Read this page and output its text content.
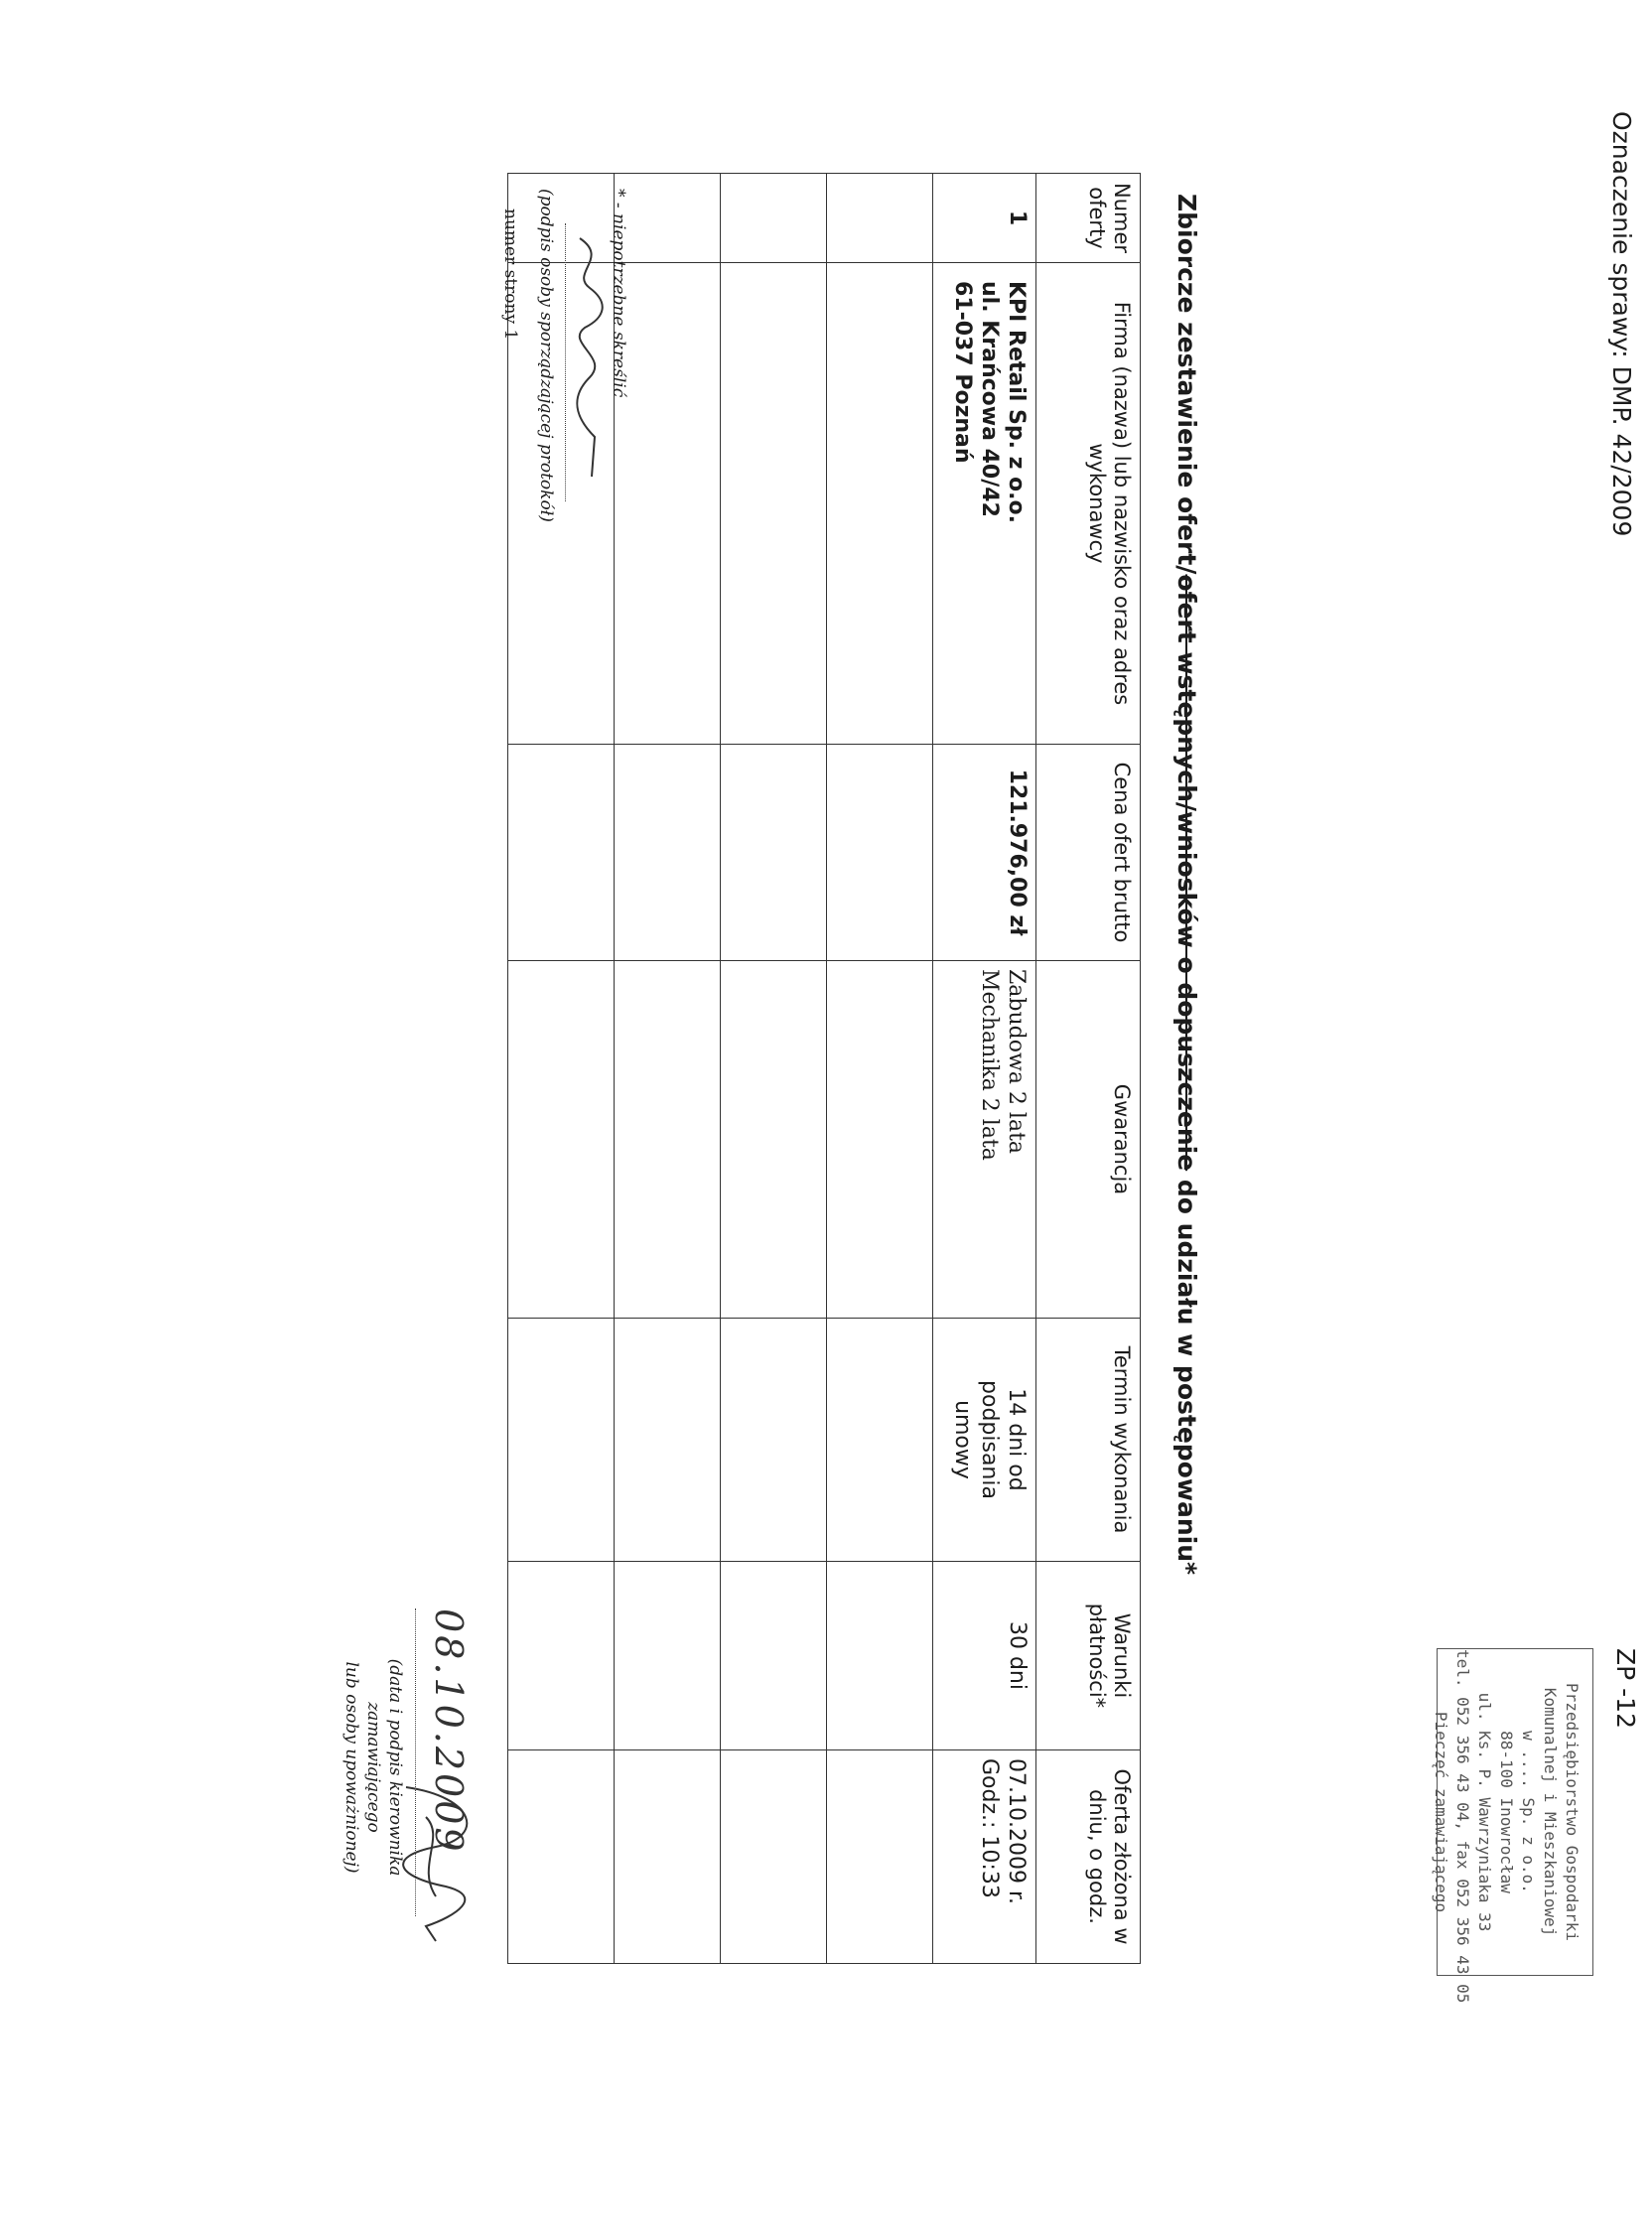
Oznaczenie sprawy: DMP. 42/2009
ZP -12
Przedsiębiorstwo Gospodarki
Komunalnej i Mieszkaniowej
w .... Sp. z o.o.
88-100 Inowrocław
ul. Ks. P. Wawrzyniaka 33
tel. 052 356 43 04, fax 052 356 43 05
Pieczęć zamawiającego
Zbiorcze zestawienie ofert/ofert wstępnych/wniosków o dopuszczenie do udziału w postępowaniu*
Numer oferty	Firma (nazwa) lub nazwisko oraz adres wykonawcy	Cena ofert brutto	Gwarancja	Termin wykonania	Warunki płatności*	Oferta złożona w dniu, o godz.
1	KPI Retail Sp. z o.o.
ul. Krańcowa 40/42
61-037 Poznań	121.976,00 zł	Zabudowa 2 lata
Mechanika 2 lata	14 dni od
podpisania
umowy	30 dni	07.10.2009 r.
Godz.: 10:33

* - niepotrzebne skreślić
(podpis osoby sporządzającej protokół)
numer strony 1
08.10.2009
(data i podpis kierownika zamawiającego
lub osoby upoważnionej)
